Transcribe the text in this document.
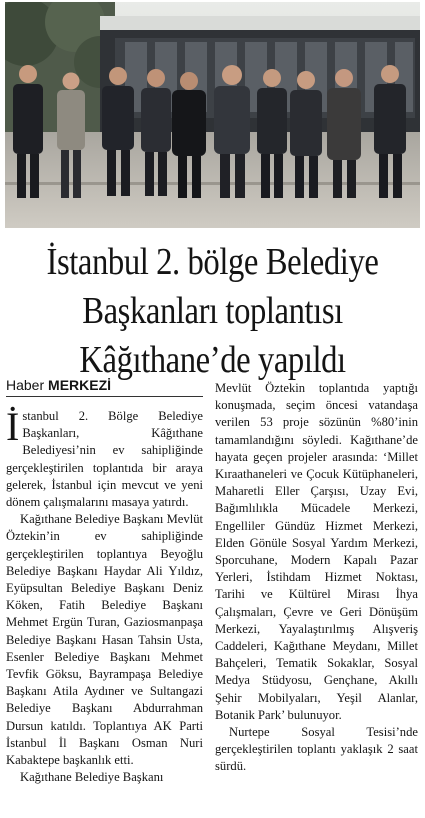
İstanbul 2. bölge Belediye
Başkanları toplantısı
Kâğıthane’de yapıldı
Haber MERKEZİ

İstanbul 2. Bölge Belediye Başkanları, Kâğıthane Belediyesi’nin ev sahipliğinde gerçekleştirilen toplantıda bir araya gelerek, İstanbul için mevcut ve yeni dönem çalışmalarını masaya yatırdı.

Kağıthane Belediye Başkanı Mevlüt Öztekin’in ev sahipliğinde gerçekleştirilen toplantıya Beyoğlu Belediye Başkanı Haydar Ali Yıldız, Eyüpsultan Belediye Başkanı Deniz Köken, Fatih Belediye Başkanı Mehmet Ergün Turan, Gaziosmanpaşa Belediye Başkanı Hasan Tahsin Usta, Esenler Belediye Başkanı Mehmet Tevfik Göksu, Bayrampaşa Belediye Başkanı Atila Aydıner ve Sultangazi Belediye Başkanı Abdurrahman Dursun katıldı. Toplantıya AK Parti İstanbul İl Başkanı Osman Nuri Kabaktepe başkanlık etti.

Kağıthane Belediye Başkanı

Mevlüt Öztekin toplantıda yaptığı konuşmada, seçim öncesi vatandaşa verilen 53 proje sözünün %80’inin tamamlandığını söyledi. Kağıthane’de hayata geçen projeler arasında: ‘Millet Kıraathaneleri ve Çocuk Kütüphaneleri, Maharetli Eller Çarşısı, Uzay Evi, Bağımlılıkla Mücadele Merkezi, Engelliler Gündüz Hizmet Merkezi, Elden Gönüle Sosyal Yardım Merkezi, Sporcuhane, Modern Kapalı Pazar Yerleri, İstihdam Hizmet Noktası, Tarihi ve Kültürel Mirası İhya Çalışmaları, Çevre ve Geri Dönüşüm Merkezi, Yayalaştırılmış Alışveriş Caddeleri, Kağıthane Meydanı, Millet Bahçeleri, Tematik Sokaklar, Sosyal Medya Stüdyosu, Gençhane, Akıllı Şehir Mobilyaları, Yeşil Alanlar, Botanik Park’ bulunuyor.

Nurtepe Sosyal Tesisi’nde gerçekleştirilen toplantı yaklaşık 2 saat sürdü.
